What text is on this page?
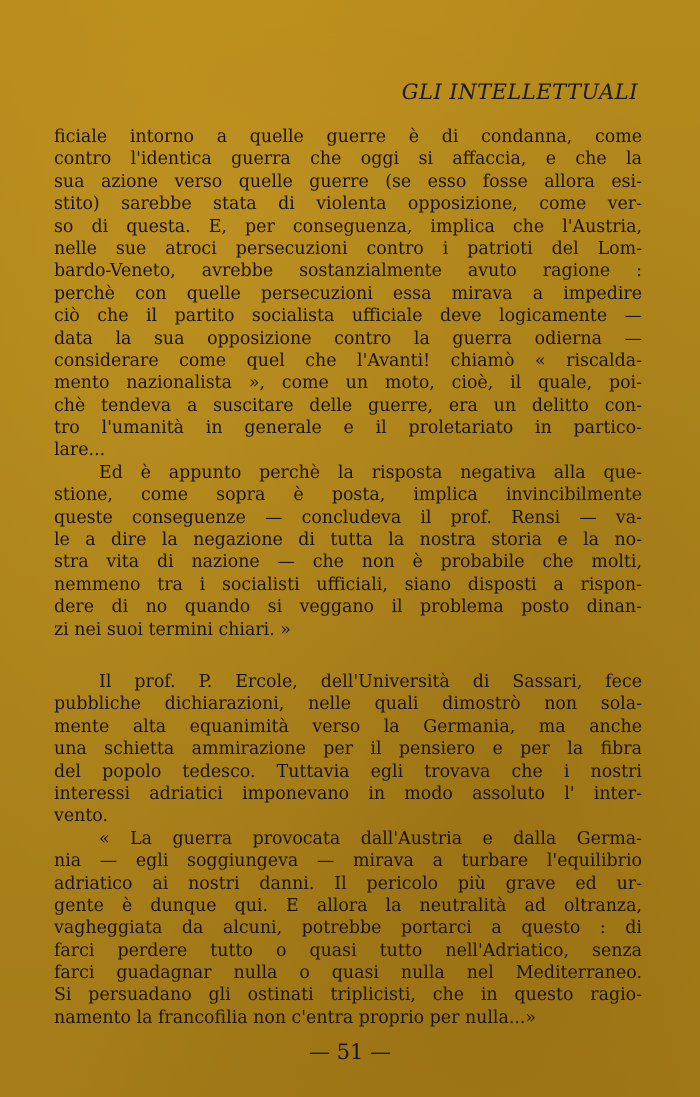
GLI INTELLETTUALI
ficiale intorno a quelle guerre è di condanna, come
contro l'identica guerra che oggi si affaccia, e che la
sua azione verso quelle guerre (se esso fosse allora esi-
stito) sarebbe stata di violenta opposizione, come ver-
so di questa. E, per conseguenza, implica che l'Austria,
nelle sue atroci persecuzioni contro i patrioti del Lom-
bardo-Veneto, avrebbe sostanzialmente avuto ragione :
perchè con quelle persecuzioni essa mirava a impedire
ciò che il partito socialista ufficiale deve logicamente —
data la sua opposizione contro la guerra odierna —
considerare come quel che l'Avanti! chiamò « riscalda-
mento nazionalista », come un moto, cioè, il quale, poi-
chè tendeva a suscitare delle guerre, era un delitto con-
tro l'umanità in generale e il proletariato in partico-
lare...
Ed è appunto perchè la risposta negativa alla que-
stione, come sopra è posta, implica invincibilmente
queste conseguenze — concludeva il prof. Rensi — va-
le a dire la negazione di tutta la nostra storia e la no-
stra vita di nazione — che non è probabile che molti,
nemmeno tra i socialisti ufficiali, siano disposti a rispon-
dere di no quando si veggano il problema posto dinan-
zi nei suoi termini chiari. »
Il prof. P. Ercole, dell'Università di Sassari, fece
pubbliche dichiarazioni, nelle quali dimostrò non sola-
mente alta equanimità verso la Germania, ma anche
una schietta ammirazione per il pensiero e per la fibra
del popolo tedesco. Tuttavia egli trovava che i nostri
interessi adriatici imponevano in modo assoluto l' inter-
vento.
« La guerra provocata dall'Austria e dalla Germa-
nia — egli soggiungeva — mirava a turbare l'equilibrio
adriatico ai nostri danni. Il pericolo più grave ed ur-
gente è dunque qui. E allora la neutralità ad oltranza,
vagheggiata da alcuni, potrebbe portarci a questo : di
farci perdere tutto o quasi tutto nell'Adriatico, senza
farci guadagnar nulla o quasi nulla nel Mediterraneo.
Si persuadano gli ostinati triplicisti, che in questo ragio-
namento la francofilia non c'entra proprio per nulla...»
— 51 —
